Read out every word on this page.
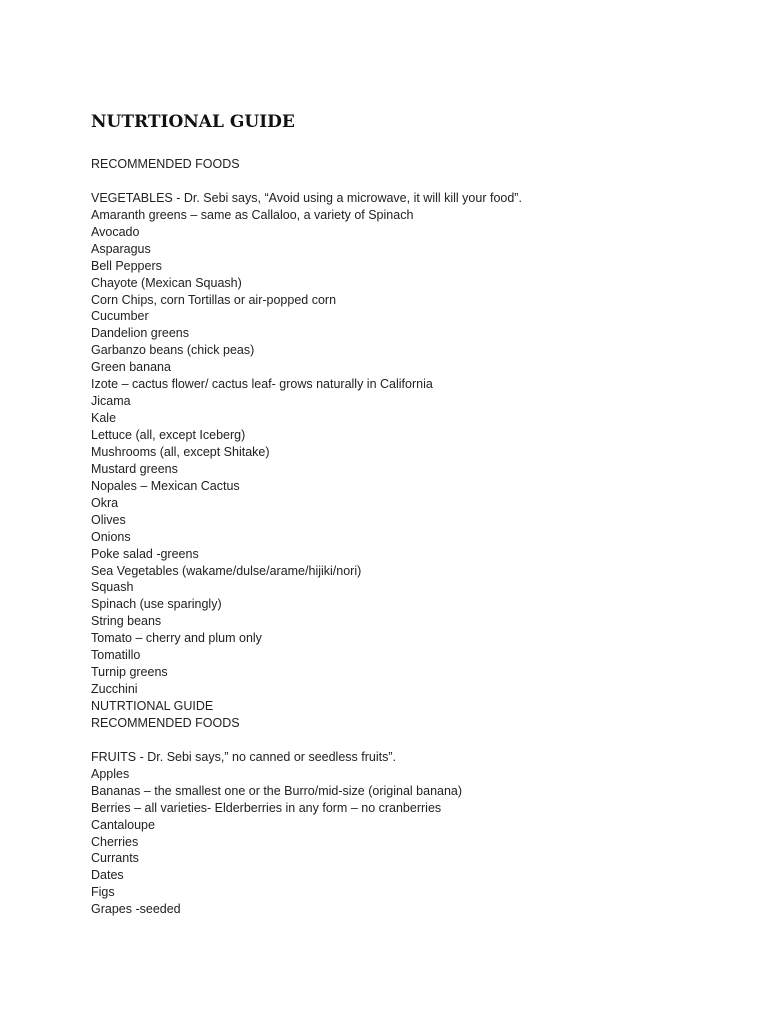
NUTRTIONAL GUIDE
RECOMMENDED FOODS
VEGETABLES - Dr. Sebi says, “Avoid using a microwave, it will kill your food”.
Amaranth greens – same as Callaloo, a variety of Spinach
Avocado
Asparagus
Bell Peppers
Chayote (Mexican Squash)
Corn Chips, corn Tortillas or air-popped corn
Cucumber
Dandelion greens
Garbanzo beans (chick peas)
Green banana
Izote – cactus flower/ cactus leaf- grows naturally in California
Jicama
Kale
Lettuce (all, except Iceberg)
Mushrooms (all, except Shitake)
Mustard greens
Nopales – Mexican Cactus
Okra
Olives
Onions
Poke salad -greens
Sea Vegetables (wakame/dulse/arame/hijiki/nori)
Squash
Spinach (use sparingly)
String beans
Tomato – cherry and plum only
Tomatillo
Turnip greens
Zucchini
NUTRTIONAL GUIDE
RECOMMENDED FOODS
FRUITS - Dr. Sebi says,” no canned or seedless fruits”.
Apples
Bananas – the smallest one or the Burro/mid-size (original banana)
Berries – all varieties- Elderberries in any form – no cranberries
Cantaloupe
Cherries
Currants
Dates
Figs
Grapes -seeded
